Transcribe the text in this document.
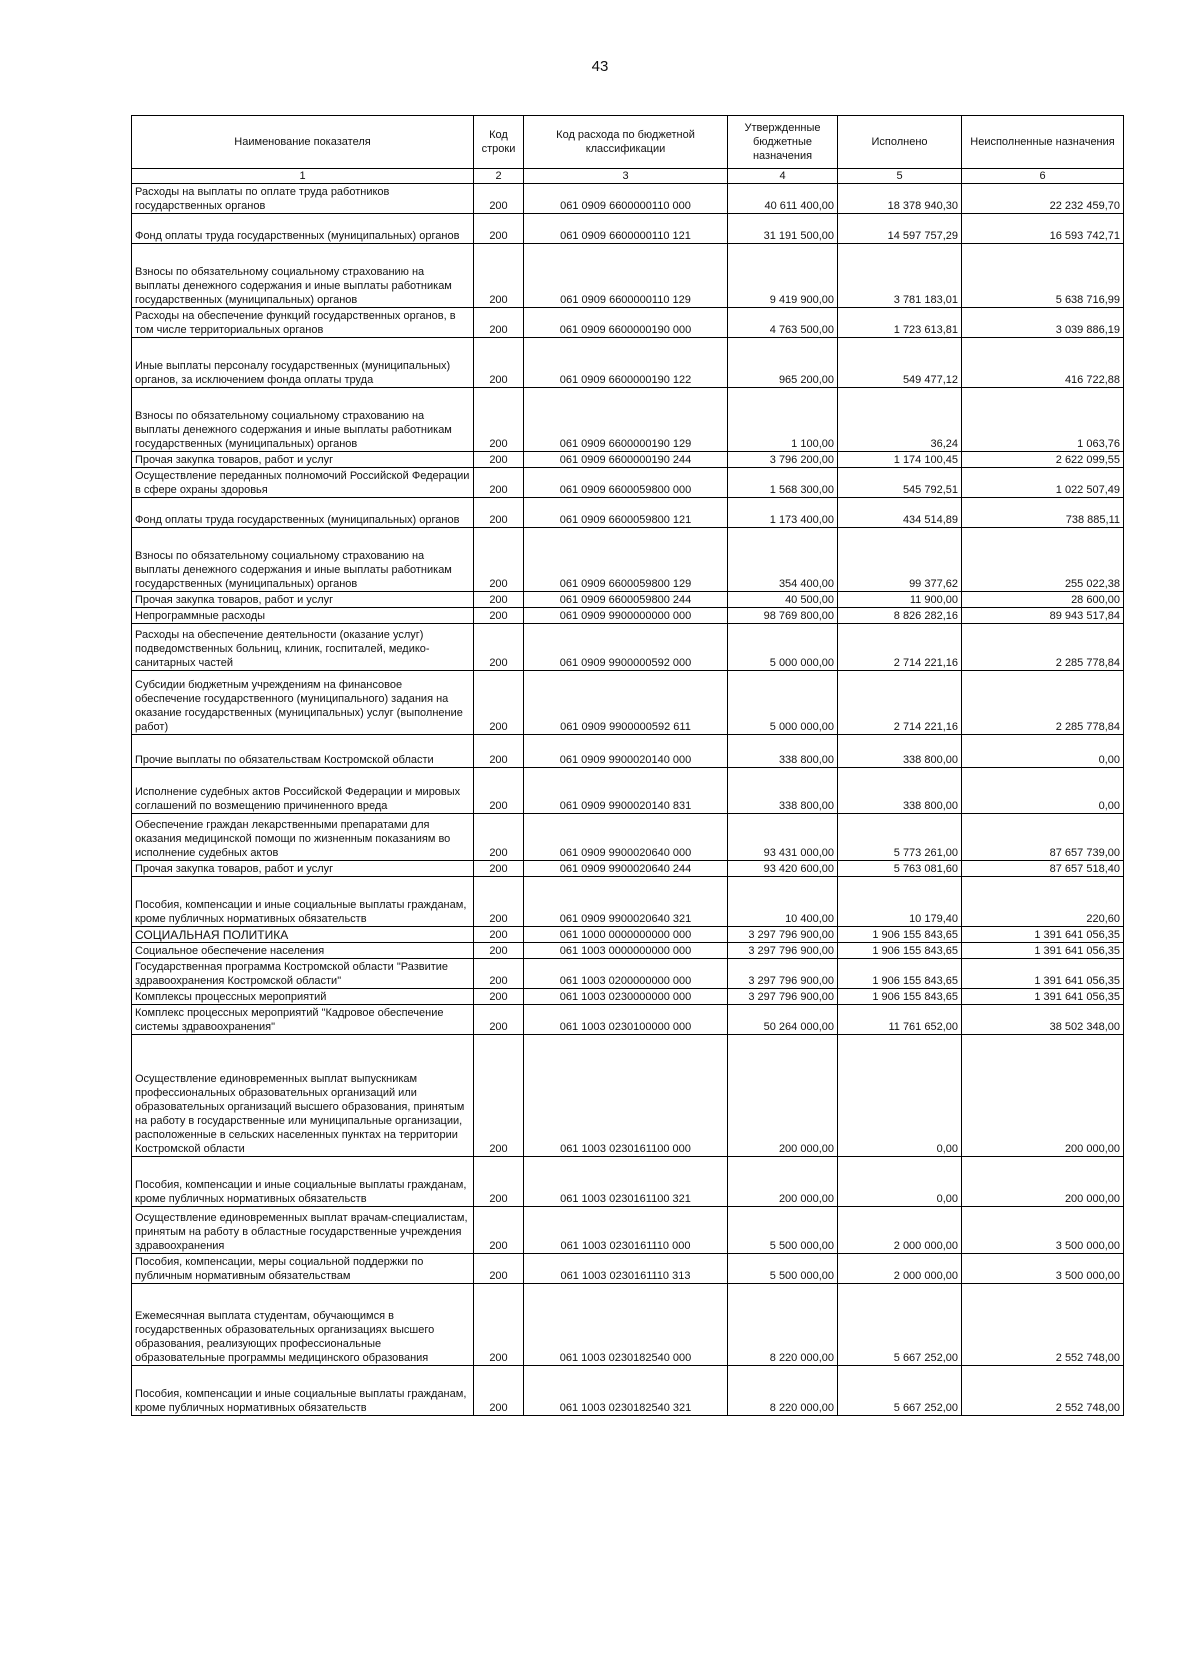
43
Наименование показателя	Код строки	Код расхода по бюджетной классификации	Утвержденные бюджетные назначения	Исполнено	Неисполненные назначения
1	2	3	4	5	6
Расходы на выплаты по оплате труда работников государственных органов	200	061 0909 6600000110 000	40 611 400,00	18 378 940,30	22 232 459,70
Фонд оплаты труда государственных (муниципальных) органов	200	061 0909 6600000110 121	31 191 500,00	14 597 757,29	16 593 742,71
Взносы по обязательному социальному страхованию на выплаты денежного содержания и иные выплаты работникам государственных (муниципальных) органов	200	061 0909 6600000110 129	9 419 900,00	3 781 183,01	5 638 716,99
Расходы на обеспечение функций государственных органов, в том числе территориальных органов	200	061 0909 6600000190 000	4 763 500,00	1 723 613,81	3 039 886,19
Иные выплаты персоналу государственных (муниципальных) органов, за исключением фонда оплаты труда	200	061 0909 6600000190 122	965 200,00	549 477,12	416 722,88
Взносы по обязательному социальному страхованию на выплаты денежного содержания и иные выплаты работникам государственных (муниципальных) органов	200	061 0909 6600000190 129	1 100,00	36,24	1 063,76
Прочая закупка товаров, работ и услуг	200	061 0909 6600000190 244	3 796 200,00	1 174 100,45	2 622 099,55
Осуществление переданных полномочий Российской Федерации в сфере охраны здоровья	200	061 0909 6600059800 000	1 568 300,00	545 792,51	1 022 507,49
Фонд оплаты труда государственных (муниципальных) органов	200	061 0909 6600059800 121	1 173 400,00	434 514,89	738 885,11
Взносы по обязательному социальному страхованию на выплаты денежного содержания и иные выплаты работникам государственных (муниципальных) органов	200	061 0909 6600059800 129	354 400,00	99 377,62	255 022,38
Прочая закупка товаров, работ и услуг	200	061 0909 6600059800 244	40 500,00	11 900,00	28 600,00
Непрограммные расходы	200	061 0909 9900000000 000	98 769 800,00	8 826 282,16	89 943 517,84
Расходы на обеспечение деятельности (оказание услуг) подведомственных больниц, клиник, госпиталей, медико-санитарных частей	200	061 0909 9900000592 000	5 000 000,00	2 714 221,16	2 285 778,84
Субсидии бюджетным учреждениям на финансовое обеспечение государственного (муниципального) задания на оказание государственных (муниципальных) услуг (выполнение работ)	200	061 0909 9900000592 611	5 000 000,00	2 714 221,16	2 285 778,84
Прочие выплаты по обязательствам Костромской области	200	061 0909 9900020140 000	338 800,00	338 800,00	0,00
Исполнение судебных актов Российской Федерации и мировых соглашений по возмещению причиненного вреда	200	061 0909 9900020140 831	338 800,00	338 800,00	0,00
Обеспечение граждан лекарственными препаратами для оказания медицинской помощи по жизненным показаниям во исполнение судебных актов	200	061 0909 9900020640 000	93 431 000,00	5 773 261,00	87 657 739,00
Прочая закупка товаров, работ и услуг	200	061 0909 9900020640 244	93 420 600,00	5 763 081,60	87 657 518,40
Пособия, компенсации и иные социальные выплаты гражданам, кроме публичных нормативных обязательств	200	061 0909 9900020640 321	10 400,00	10 179,40	220,60
СОЦИАЛЬНАЯ ПОЛИТИКА	200	061 1000 0000000000 000	3 297 796 900,00	1 906 155 843,65	1 391 641 056,35
Социальное обеспечение населения	200	061 1003 0000000000 000	3 297 796 900,00	1 906 155 843,65	1 391 641 056,35
Государственная программа Костромской области "Развитие здравоохранения Костромской области"	200	061 1003 0200000000 000	3 297 796 900,00	1 906 155 843,65	1 391 641 056,35
Комплексы процессных мероприятий	200	061 1003 0230000000 000	3 297 796 900,00	1 906 155 843,65	1 391 641 056,35
Комплекс процессных мероприятий "Кадровое обеспечение системы здравоохранения"	200	061 1003 0230100000 000	50 264 000,00	11 761 652,00	38 502 348,00
Осуществление единовременных выплат выпускникам профессиональных образовательных организаций или образовательных организаций высшего образования, принятым на работу в государственные или муниципальные организации, расположенные в сельских населенных пунктах на территории Костромской области	200	061 1003 0230161100 000	200 000,00	0,00	200 000,00
Пособия, компенсации и иные социальные выплаты гражданам, кроме публичных нормативных обязательств	200	061 1003 0230161100 321	200 000,00	0,00	200 000,00
Осуществление единовременных выплат врачам-специалистам, принятым на работу в областные государственные учреждения здравоохранения	200	061 1003 0230161110 000	5 500 000,00	2 000 000,00	3 500 000,00
Пособия, компенсации, меры социальной поддержки по публичным нормативным обязательствам	200	061 1003 0230161110 313	5 500 000,00	2 000 000,00	3 500 000,00
Ежемесячная выплата студентам, обучающимся в государственных образовательных организациях высшего образования, реализующих профессиональные образовательные программы медицинского образования	200	061 1003 0230182540 000	8 220 000,00	5 667 252,00	2 552 748,00
Пособия, компенсации и иные социальные выплаты гражданам, кроме публичных нормативных обязательств	200	061 1003 0230182540 321	8 220 000,00	5 667 252,00	2 552 748,00
